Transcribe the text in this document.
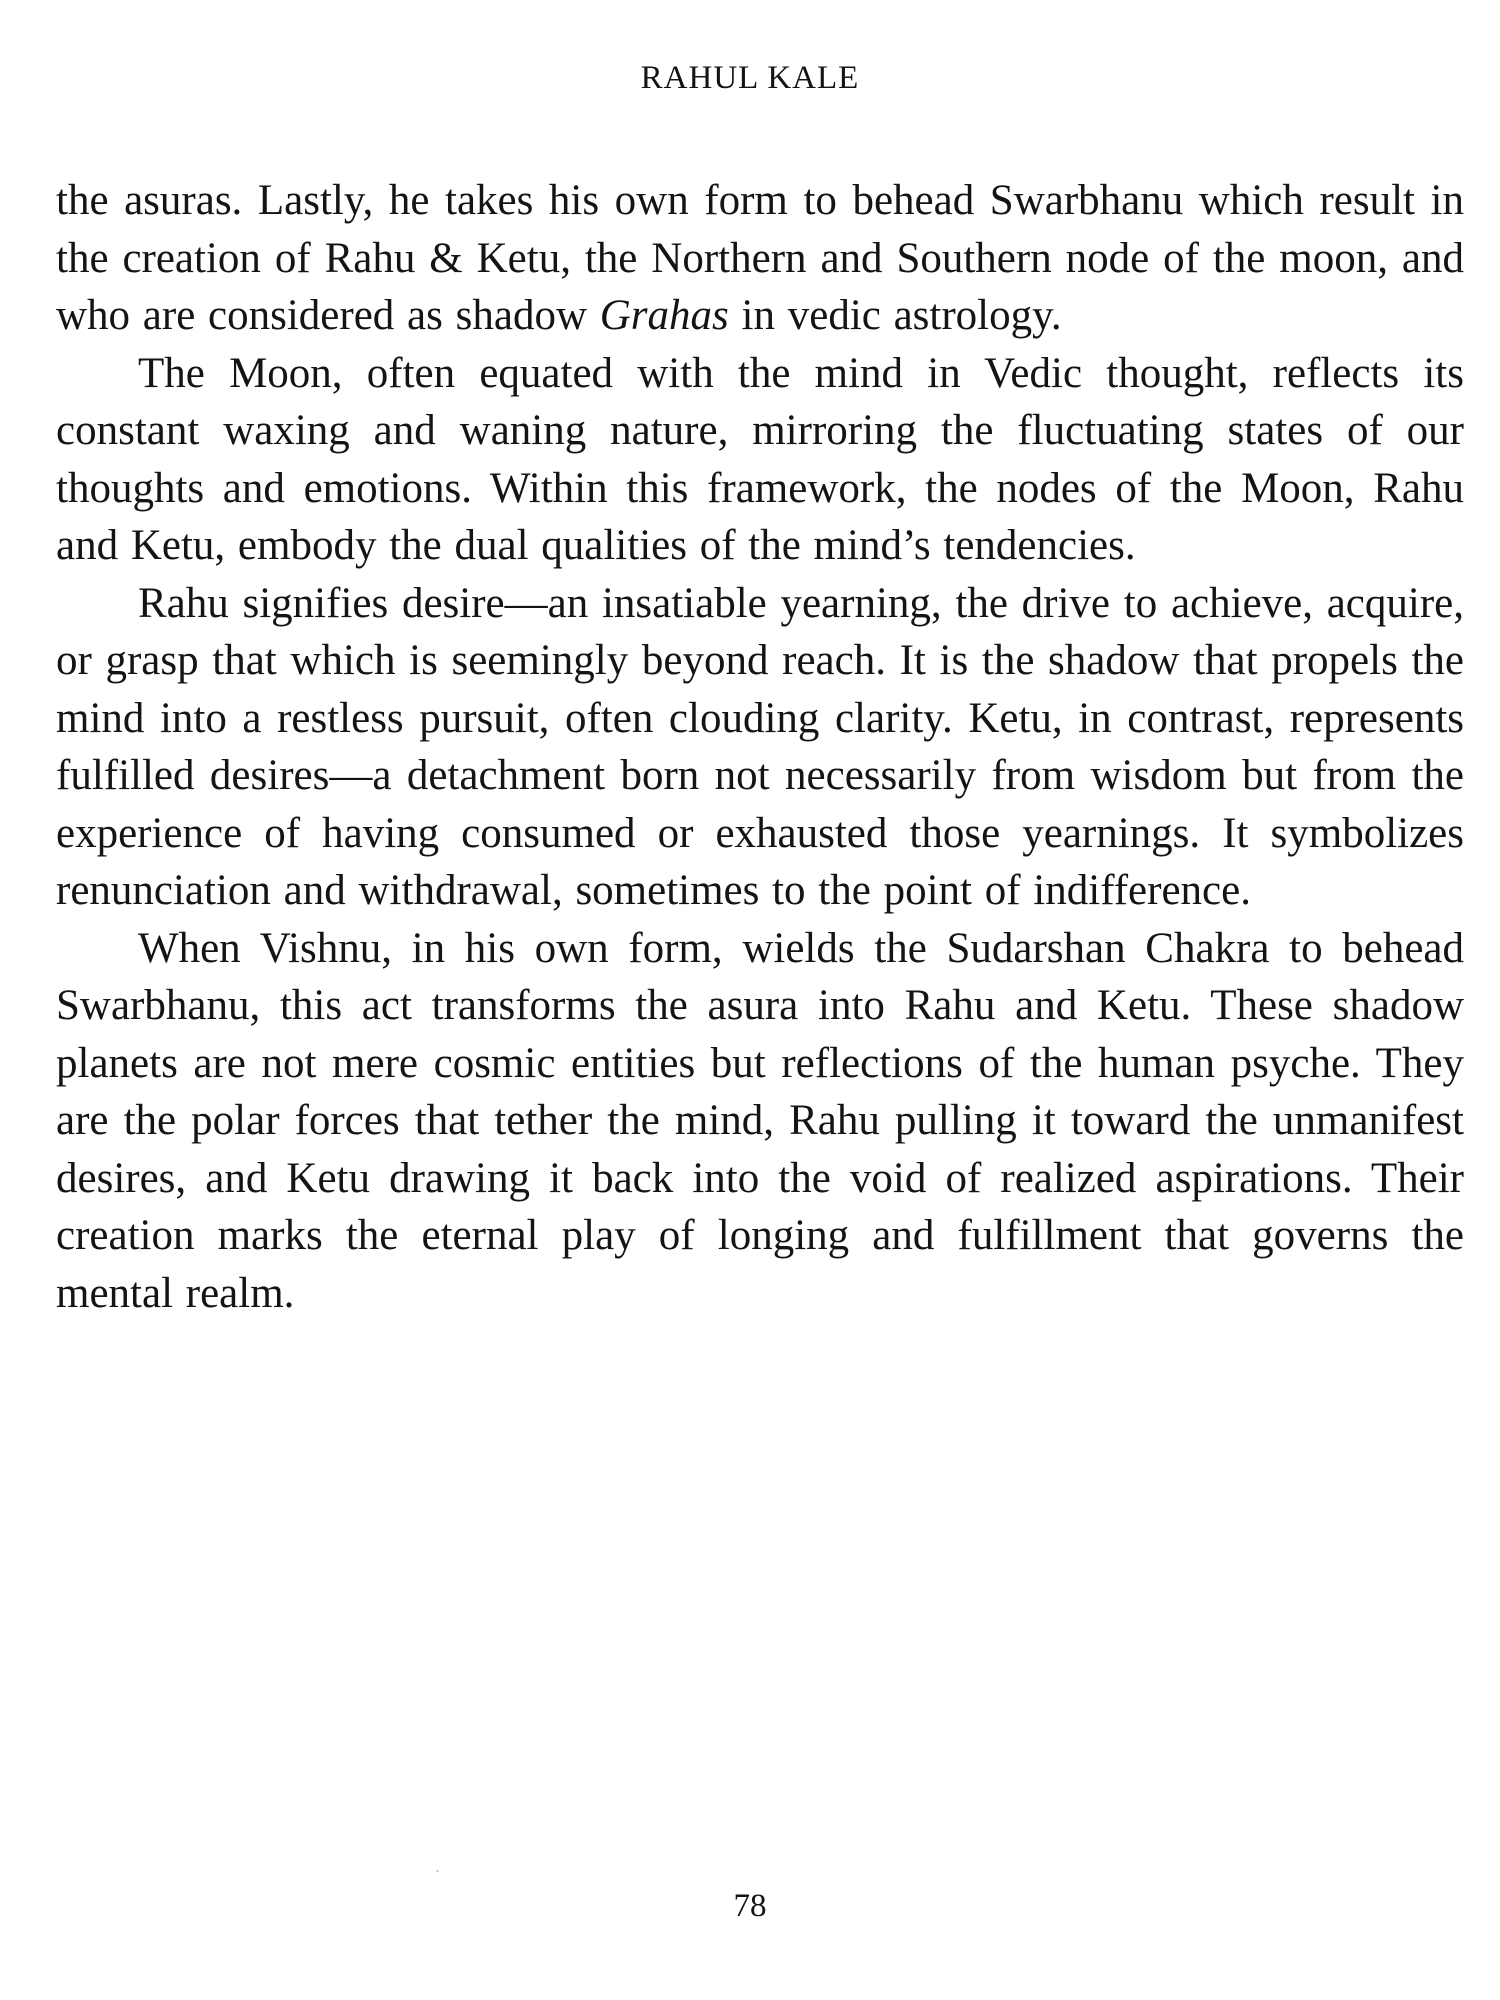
RAHUL KALE

the asuras. Lastly, he takes his own form to behead Swarbhanu which result in the creation of Rahu & Ketu, the Northern and Southern node of the moon, and who are considered as shadow Grahas in vedic astrology.

The Moon, often equated with the mind in Vedic thought, reflects its constant waxing and waning nature, mirroring the fluctuating states of our thoughts and emotions. Within this framework, the nodes of the Moon, Rahu and Ketu, embody the dual qualities of the mind’s tendencies.

Rahu signifies desire—an insatiable yearning, the drive to achieve, acquire, or grasp that which is seemingly beyond reach. It is the shadow that propels the mind into a restless pursuit, often clouding clarity. Ketu, in contrast, represents fulfilled desires—a detachment born not necessarily from wisdom but from the experience of having consumed or exhausted those yearnings. It symbolizes renunciation and withdrawal, sometimes to the point of indifference.

When Vishnu, in his own form, wields the Sudarshan Chakra to behead Swarbhanu, this act transforms the asura into Rahu and Ketu. These shadow planets are not mere cosmic entities but reflections of the human psyche. They are the polar forces that tether the mind, Rahu pulling it toward the unmanifest desires, and Ketu drawing it back into the void of realized aspirations. Their creation marks the eternal play of longing and fulfillment that governs the mental realm.

78
